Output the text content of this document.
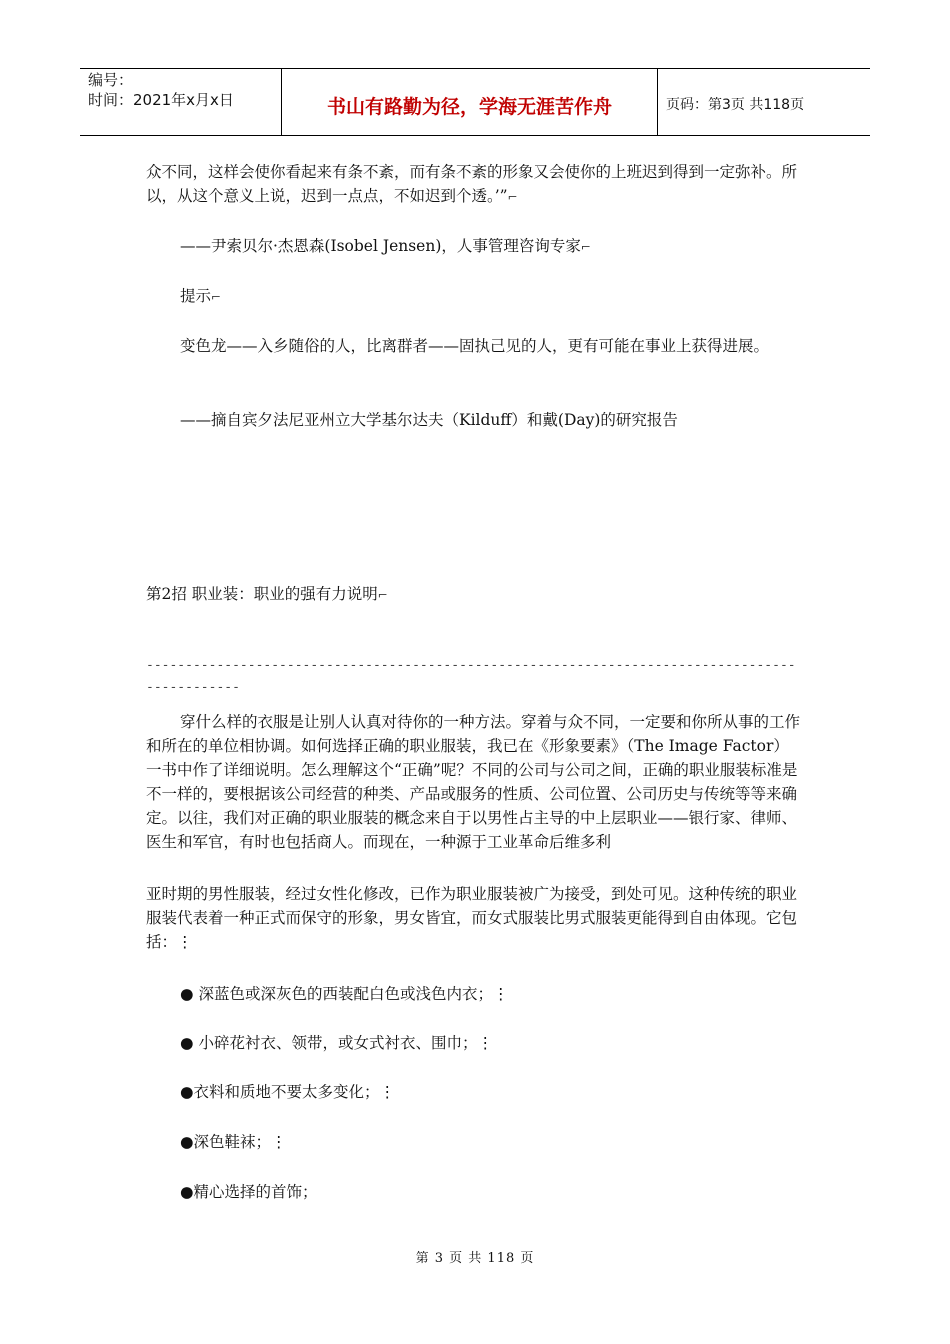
编号：
时间：2021年x月x日	书山有路勤为径，学海无涯苦作舟	页码：第3页 共118页

众不同，这样会使你看起来有条不紊，而有条不紊的形象又会使你的上班迟到得到一定弥补。所以，从这个意义上说，迟到一点点，不如迟到个透。’”⌐

——尹索贝尔·杰恩森(Isobel Jensen)，人事管理咨询专家⌐

提示⌐

变色龙——入乡随俗的人，比离群者——固执己见的人，更有可能在事业上获得进展。

——摘自宾夕法尼亚州立大学基尔达夫（Kilduff）和戴(Day)的研究报告

第2招 职业装：职业的强有力说明⌐

-----------------------------------------------------------------------------------------------

穿什么样的衣服是让别人认真对待你的一种方法。穿着与众不同，一定要和你所从事的工作和所在的单位相协调。如何选择正确的职业服装，我已在《形象要素》（The Image Factor）一书中作了详细说明。怎么理解这个“正确”呢？不同的公司与公司之间，正确的职业服装标准是不一样的，要根据该公司经营的种类、产品或服务的性质、公司位置、公司历史与传统等等来确定。以往，我们对正确的职业服装的概念来自于以男性占主导的中上层职业——银行家、律师、医生和军官，有时也包括商人。而现在，一种源于工业革命后维多利

亚时期的男性服装，经过女性化修改，已作为职业服装被广为接受，到处可见。这种传统的职业服装代表着一种正式而保守的形象，男女皆宜，而女式服装比男式服装更能得到自由体现。它包括：⋮

● 深蓝色或深灰色的西装配白色或浅色内衣；⋮

● 小碎花衬衣、领带，或女式衬衣、围巾；⋮

●衣料和质地不要太多变化；⋮

●深色鞋袜；⋮

●精心选择的首饰；

第 3 页 共 118 页
